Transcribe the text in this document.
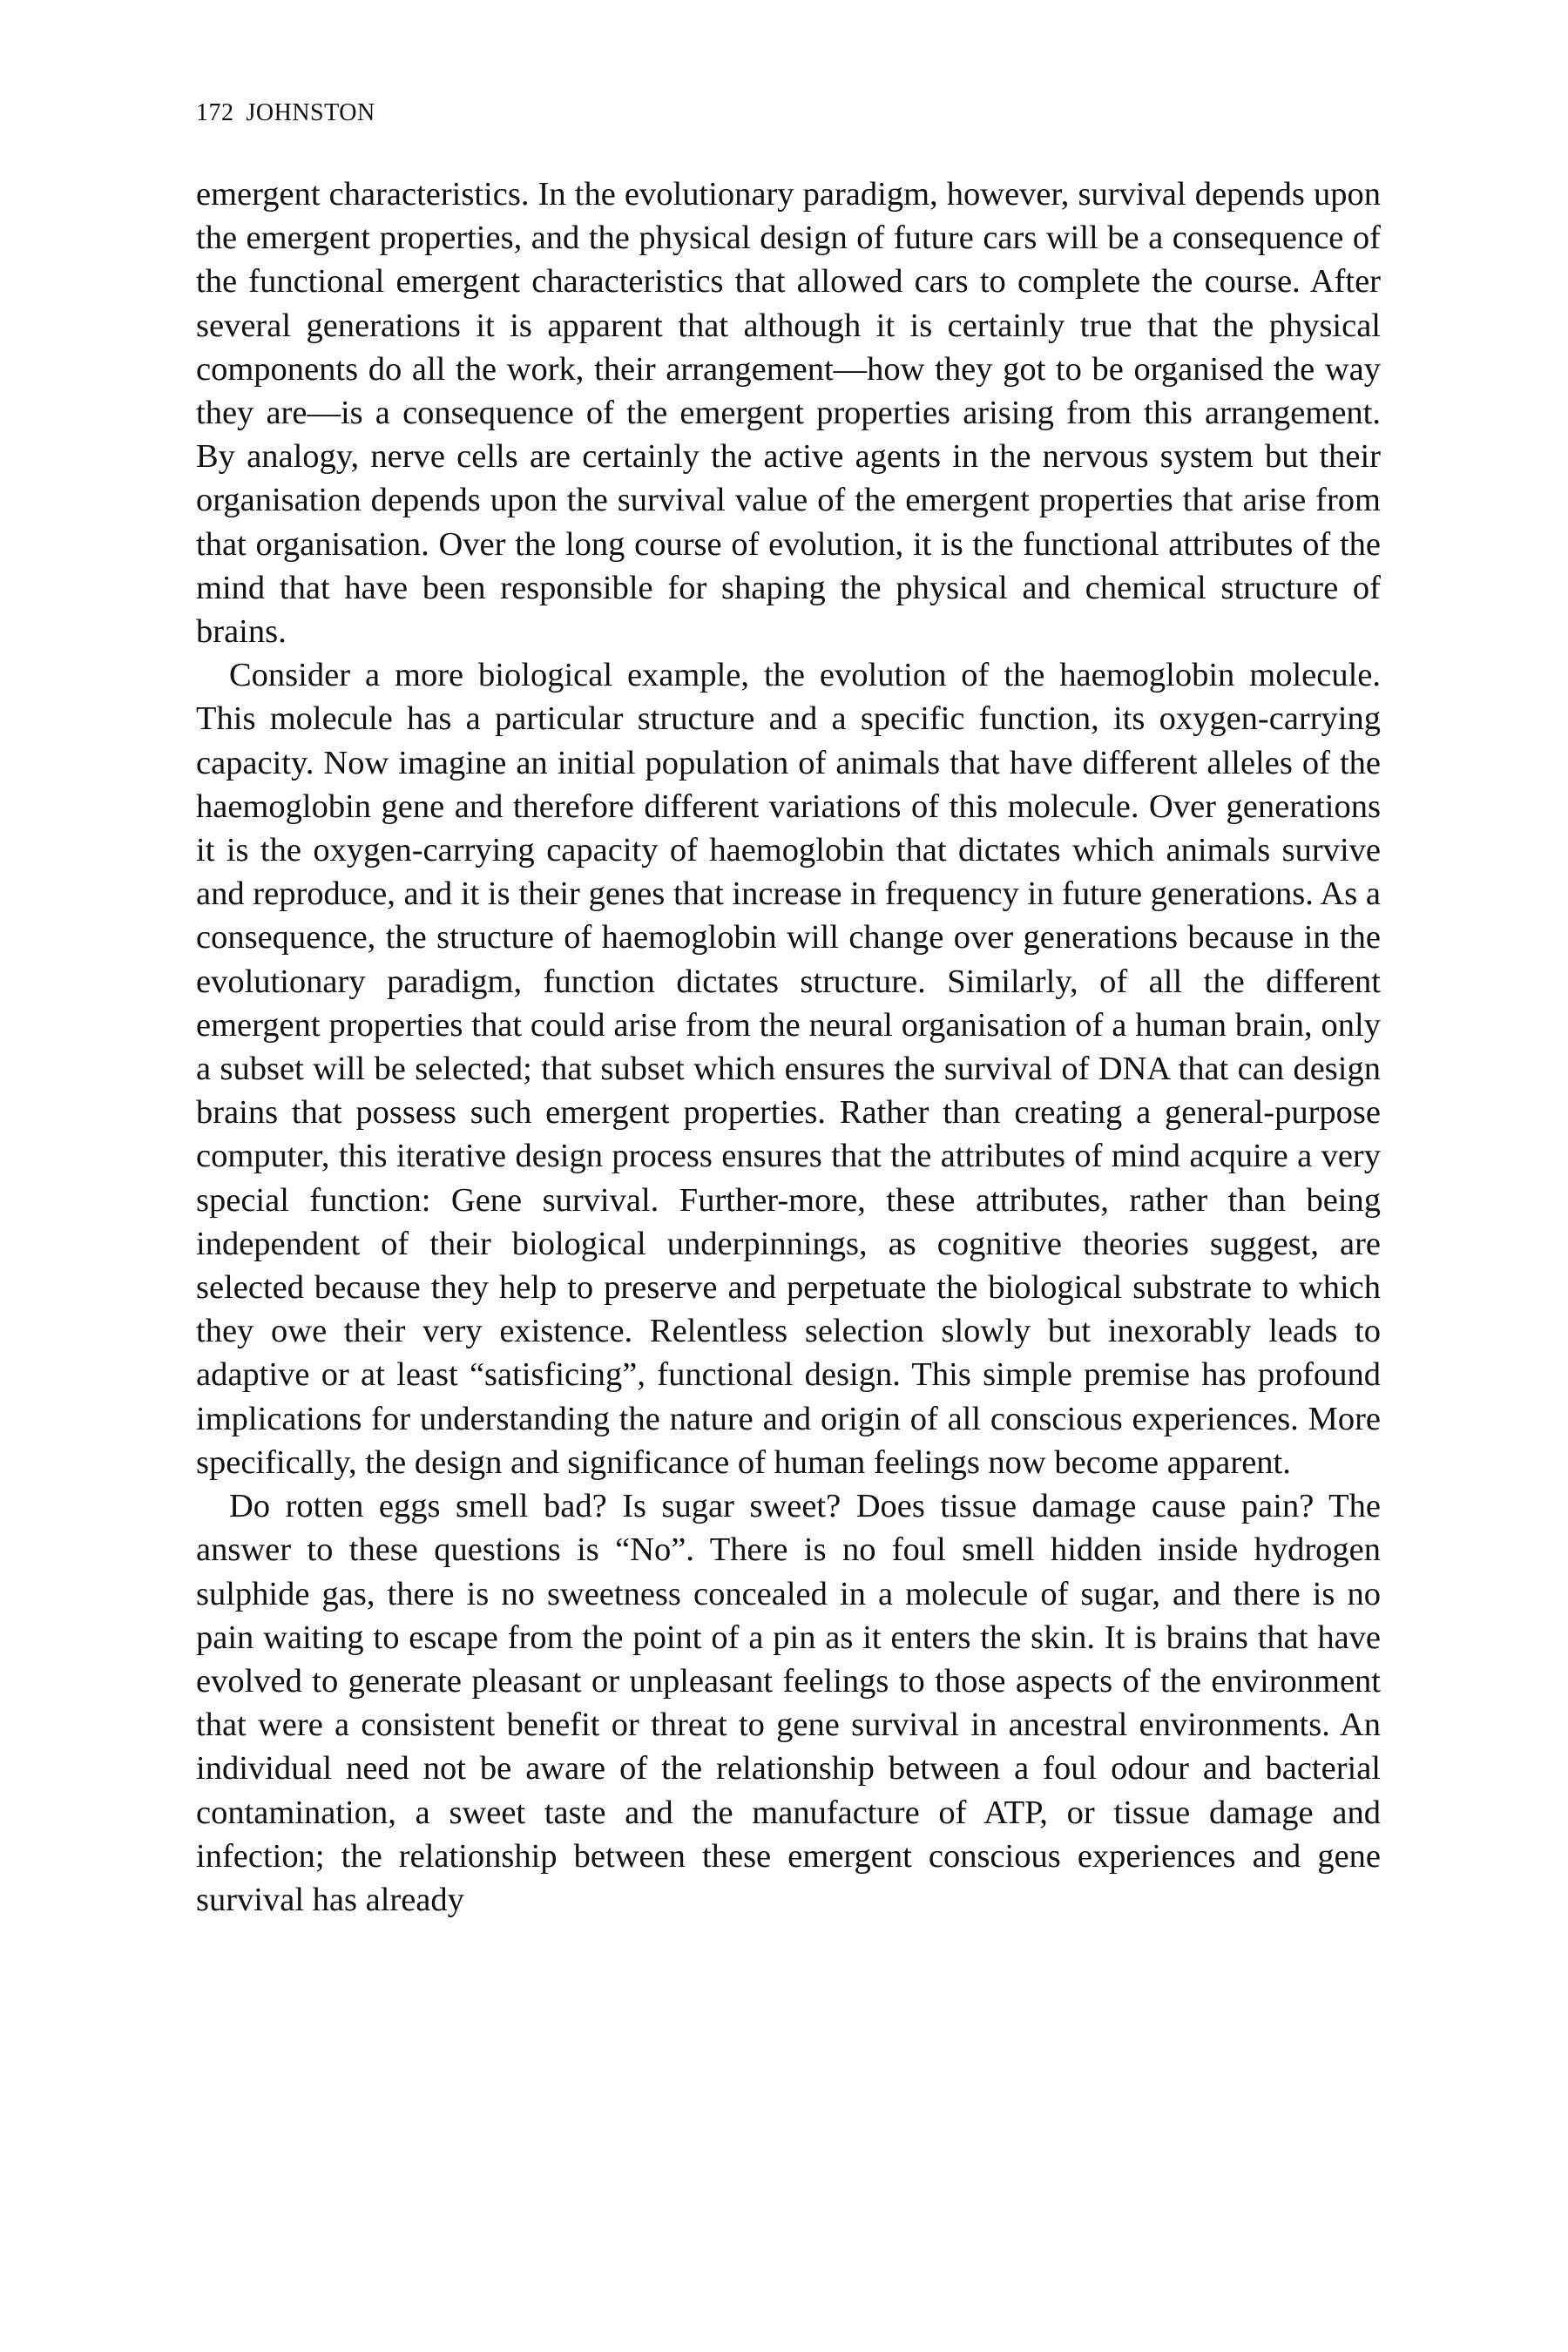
172 JOHNSTON

emergent characteristics. In the evolutionary paradigm, however, survival depends upon the emergent properties, and the physical design of future cars will be a consequence of the functional emergent characteristics that allowed cars to complete the course. After several generations it is apparent that although it is certainly true that the physical components do all the work, their arrangement—how they got to be organised the way they are—is a consequence of the emergent properties arising from this arrangement. By analogy, nerve cells are certainly the active agents in the nervous system but their organisation depends upon the survival value of the emergent properties that arise from that organisation. Over the long course of evolution, it is the functional attributes of the mind that have been responsible for shaping the physical and chemical structure of brains.

Consider a more biological example, the evolution of the haemoglobin molecule. This molecule has a particular structure and a specific function, its oxygen-carrying capacity. Now imagine an initial population of animals that have different alleles of the haemoglobin gene and therefore different variations of this molecule. Over generations it is the oxygen-carrying capacity of haemoglobin that dictates which animals survive and reproduce, and it is their genes that increase in frequency in future generations. As a consequence, the structure of haemoglobin will change over generations because in the evolutionary paradigm, function dictates structure. Similarly, of all the different emergent properties that could arise from the neural organisation of a human brain, only a subset will be selected; that subset which ensures the survival of DNA that can design brains that possess such emergent properties. Rather than creating a general-purpose computer, this iterative design process ensures that the attributes of mind acquire a very special function: Gene survival. Further-more, these attributes, rather than being independent of their biological underpinnings, as cognitive theories suggest, are selected because they help to preserve and perpetuate the biological substrate to which they owe their very existence. Relentless selection slowly but inexorably leads to adaptive or at least “satisficing”, functional design. This simple premise has profound implications for understanding the nature and origin of all conscious experiences. More specifically, the design and significance of human feelings now become apparent.

Do rotten eggs smell bad? Is sugar sweet? Does tissue damage cause pain? The answer to these questions is “No”. There is no foul smell hidden inside hydrogen sulphide gas, there is no sweetness concealed in a molecule of sugar, and there is no pain waiting to escape from the point of a pin as it enters the skin. It is brains that have evolved to generate pleasant or unpleasant feelings to those aspects of the environment that were a consistent benefit or threat to gene survival in ancestral environments. An individual need not be aware of the relationship between a foul odour and bacterial contamination, a sweet taste and the manufacture of ATP, or tissue damage and infection; the relationship between these emergent conscious experiences and gene survival has already
